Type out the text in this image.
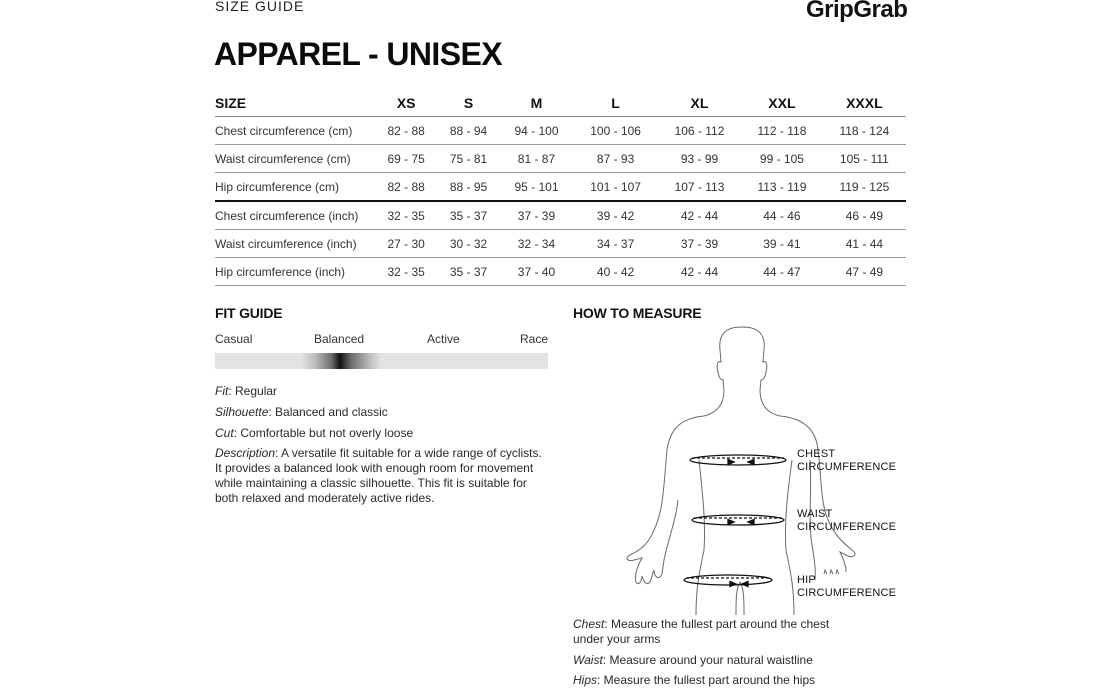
SIZE GUIDE	GripGrab
APPAREL - UNISEX
SIZE	XS	S	M	L	XL	XXL	XXXL
Chest circumference (cm)	82 - 88	88 - 94	94 - 100	100 - 106	106 - 112	112 - 118	118 - 124
Waist circumference (cm)	69 - 75	75 - 81	81 - 87	87 - 93	93 - 99	99 - 105	105 - 111
Hip circumference (cm)	82 - 88	88 - 95	95 - 101	101 - 107	107 - 113	113 - 119	119 - 125
Chest circumference (inch)	32 - 35	35 - 37	37 - 39	39 - 42	42 - 44	44 - 46	46 - 49
Waist circumference (inch)	27 - 30	30 - 32	32 - 34	34 - 37	37 - 39	39 - 41	41 - 44
Hip circumference (inch)	32 - 35	35 - 37	37 - 40	40 - 42	42 - 44	44 - 47	47 - 49
FIT GUIDE
Casual	Balanced	Active	Race
Fit: Regular
Silhouette: Balanced and classic
Cut: Comfortable but not overly loose
Description: A versatile fit suitable for a wide range of cyclists. It provides a balanced look with enough room for movement while maintaining a classic silhouette. This fit is suitable for both relaxed and moderately active rides.
HOW TO MEASURE
CHEST
CIRCUMFERENCE
WAIST
CIRCUMFERENCE
HIP
CIRCUMFERENCE
Chest: Measure the fullest part around the chest under your arms
Waist: Measure around your natural waistline
Hips: Measure the fullest part around the hips
